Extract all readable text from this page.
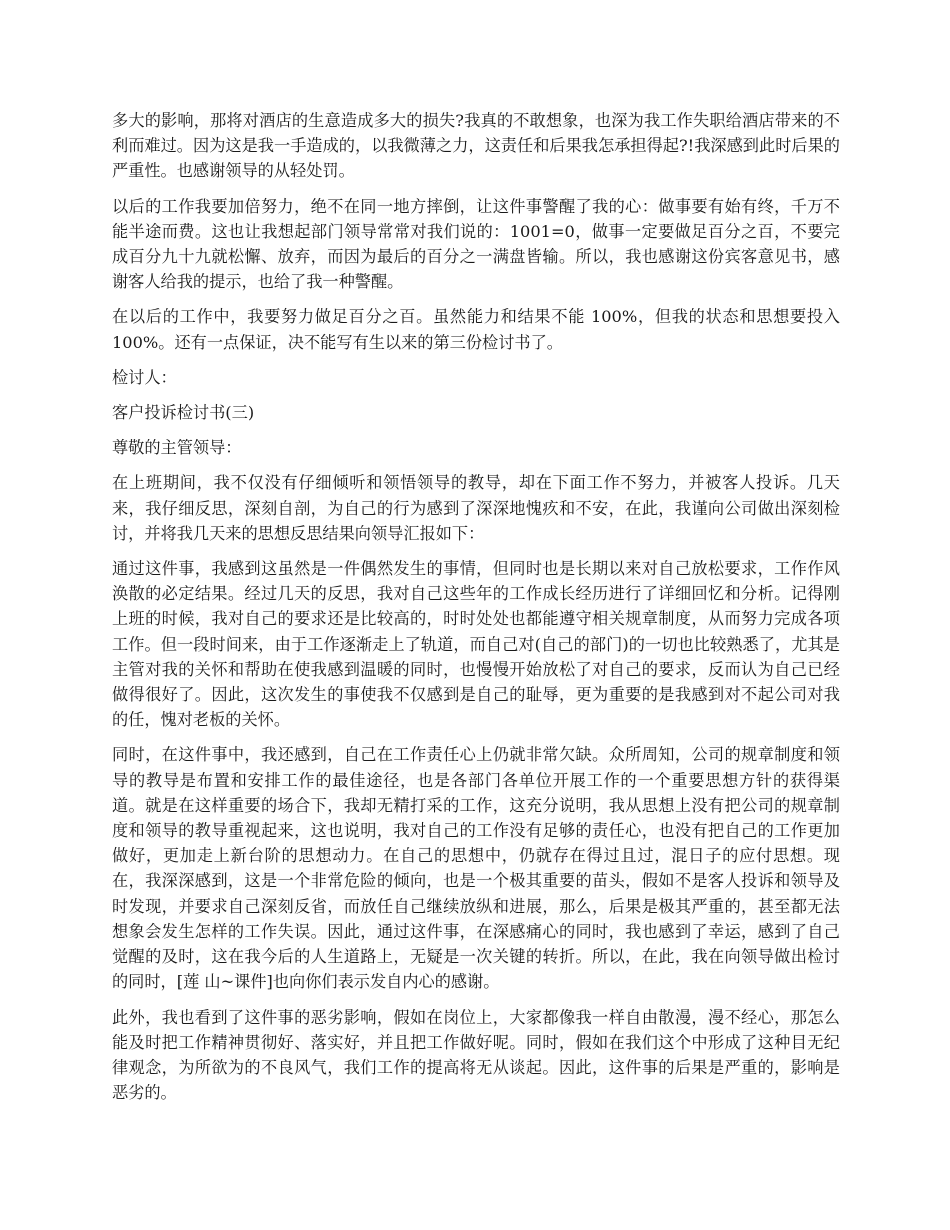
多大的影响，那将对酒店的生意造成多大的损失?我真的不敢想象，也深为我工作失职给酒店带来的不利而难过。因为这是我一手造成的，以我微薄之力，这责任和后果我怎承担得起?!我深感到此时后果的严重性。也感谢领导的从轻处罚。

以后的工作我要加倍努力，绝不在同一地方摔倒，让这件事警醒了我的心：做事要有始有终，千万不能半途而费。这也让我想起部门领导常常对我们说的：1001=0，做事一定要做足百分之百，不要完成百分九十九就松懈、放弃，而因为最后的百分之一满盘皆输。所以，我也感谢这份宾客意见书，感谢客人给我的提示，也给了我一种警醒。

在以后的工作中，我要努力做足百分之百。虽然能力和结果不能 100%，但我的状态和思想要投入 100%。还有一点保证，决不能写有生以来的第三份检讨书了。

检讨人：

客户投诉检讨书(三)

尊敬的主管领导：

在上班期间，我不仅没有仔细倾听和领悟领导的教导，却在下面工作不努力，并被客人投诉。几天来，我仔细反思，深刻自剖，为自己的行为感到了深深地愧疚和不安，在此，我谨向公司做出深刻检讨，并将我几天来的思想反思结果向领导汇报如下：

通过这件事，我感到这虽然是一件偶然发生的事情，但同时也是长期以来对自己放松要求，工作作风涣散的必定结果。经过几天的反思，我对自己这些年的工作成长经历进行了详细回忆和分析。记得刚上班的时候，我对自己的要求还是比较高的，时时处处也都能遵守相关规章制度，从而努力完成各项工作。但一段时间来，由于工作逐渐走上了轨道，而自己对(自己的部门)的一切也比较熟悉了，尤其是主管对我的关怀和帮助在使我感到温暖的同时，也慢慢开始放松了对自己的要求，反而认为自己已经做得很好了。因此，这次发生的事使我不仅感到是自己的耻辱，更为重要的是我感到对不起公司对我的任，愧对老板的关怀。

同时，在这件事中，我还感到，自己在工作责任心上仍就非常欠缺。众所周知，公司的规章制度和领导的教导是布置和安排工作的最佳途径，也是各部门各单位开展工作的一个重要思想方针的获得渠道。就是在这样重要的场合下，我却无精打采的工作，这充分说明，我从思想上没有把公司的规章制度和领导的教导重视起来，这也说明，我对自己的工作没有足够的责任心，也没有把自己的工作更加做好，更加走上新台阶的思想动力。在自己的思想中，仍就存在得过且过，混日子的应付思想。现在，我深深感到，这是一个非常危险的倾向，也是一个极其重要的苗头，假如不是客人投诉和领导及时发现，并要求自己深刻反省，而放任自己继续放纵和进展，那么，后果是极其严重的，甚至都无法想象会发生怎样的工作失误。因此，通过这件事，在深感痛心的同时，我也感到了幸运，感到了自己觉醒的及时，这在我今后的人生道路上，无疑是一次关键的转折。所以，在此，我在向领导做出检讨的同时，[莲 山~课件]也向你们表示发自内心的感谢。

此外，我也看到了这件事的恶劣影响，假如在岗位上，大家都像我一样自由散漫，漫不经心，那怎么能及时把工作精神贯彻好、落实好，并且把工作做好呢。同时，假如在我们这个中形成了这种目无纪律观念，为所欲为的不良风气，我们工作的提高将无从谈起。因此，这件事的后果是严重的，影响是恶劣的。
